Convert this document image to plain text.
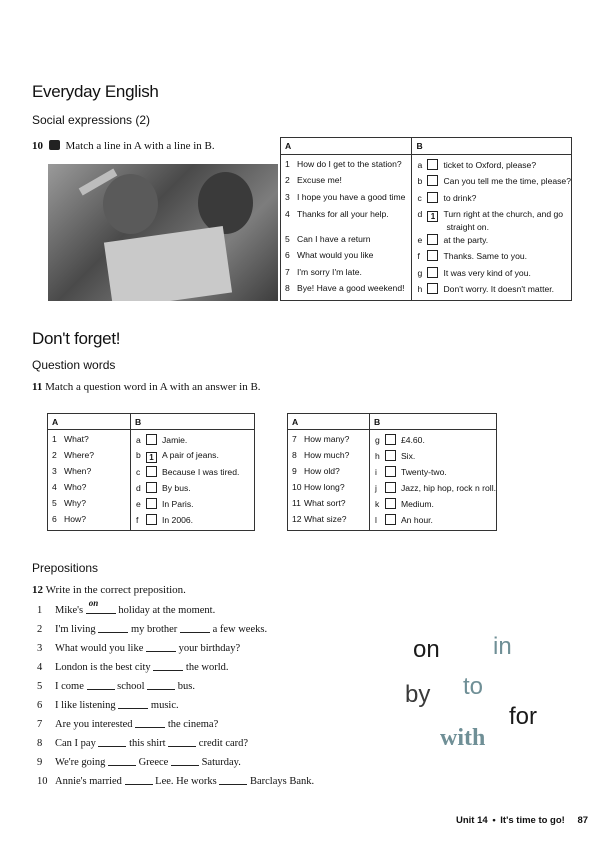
Everyday English
Social expressions (2)
10 Match a line in A with a line in B.	A	B
1 How do I get to the station?	a ticket to Oxford, please?
2 Excuse me!	b Can you tell me the time, please?
3 I hope you have a good time	c to drink?
4 Thanks for all your help.	d 1 Turn right at the church, and go
straight on.
5 Can I have a return	e at the party.
6 What would you like	f Thanks. Same to you.
7 I'm sorry I'm late.	g It was very kind of you.
8 Bye! Have a good weekend!	h Don't worry. It doesn't matter.
Don't forget!
Question words
11 Match a question word in A with an answer in B.
A	B
1 What?	a Jamie.
2 Where?	b 1 A pair of jeans.
3 When?	c Because I was tired.
4 Who?	d By bus.
5 Why?	e In Paris.
6 How?	f In 2006.
A	B
7 How many?	g £4.60.
8 How much?	h Six.
9 How old?	i Twenty-two.
10 How long?	j Jazz, hip hop, rock n roll.
11 What sort?	k Medium.
12 What size?	l An hour.
Prepositions
12 Write in the correct preposition.
1 Mike's
on
holiday at the moment.
2 I'm living	my brother	a few weeks.
3 What would you like	your birthday?
4 London is the best city	the world.
5 I come	school	bus.
6 I like listening	music.
7 Are you interested	the cinema?
8 Can I pay	this shirt	credit card?
9 We're going	Greece	Saturday.
10 Annie's married	Lee. He works	Barclays Bank.
on in
by to
for
with
Unit 14 • It's time to go! 87
